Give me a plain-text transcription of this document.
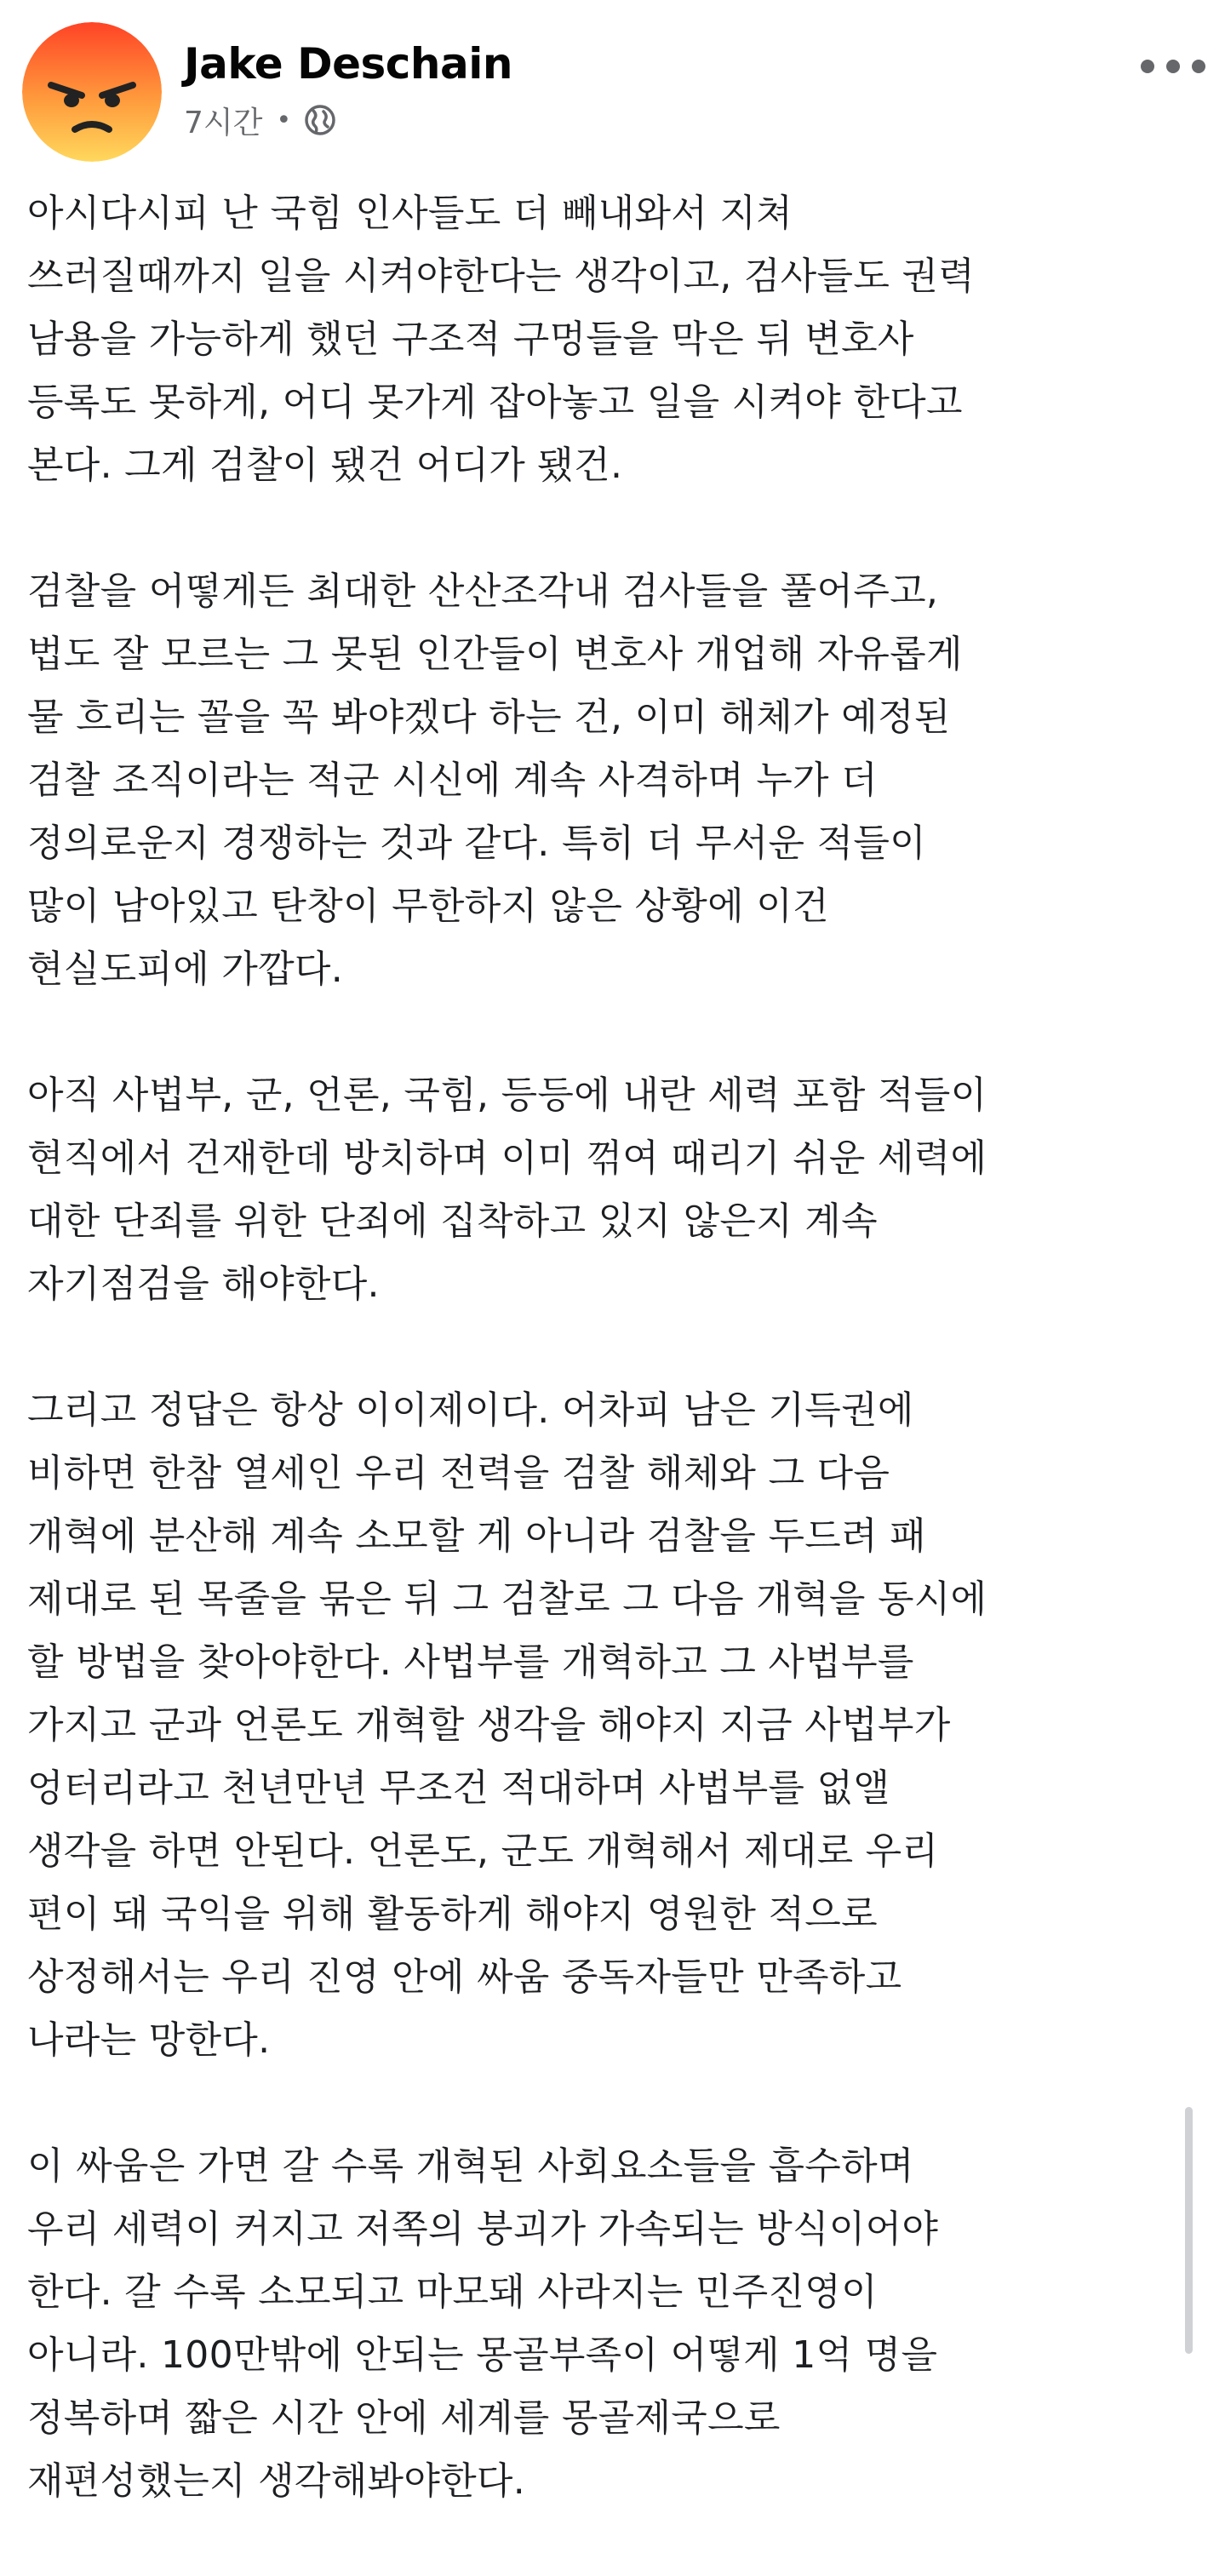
Jake Deschain
7시간 •
아시다시피 난 국힘 인사들도 더 빼내와서 지쳐
쓰러질때까지 일을 시켜야한다는 생각이고, 검사들도 권력
남용을 가능하게 했던 구조적 구멍들을 막은 뒤 변호사
등록도 못하게, 어디 못가게 잡아놓고 일을 시켜야 한다고
본다. 그게 검찰이 됐건 어디가 됐건.
검찰을 어떻게든 최대한 산산조각내 검사들을 풀어주고,
법도 잘 모르는 그 못된 인간들이 변호사 개업해 자유롭게
물 흐리는 꼴을 꼭 봐야겠다 하는 건, 이미 해체가 예정된
검찰 조직이라는 적군 시신에 계속 사격하며 누가 더
정의로운지 경쟁하는 것과 같다. 특히 더 무서운 적들이
많이 남아있고 탄창이 무한하지 않은 상황에 이건
현실도피에 가깝다.
아직 사법부, 군, 언론, 국힘, 등등에 내란 세력 포함 적들이
현직에서 건재한데 방치하며 이미 꺾여 때리기 쉬운 세력에
대한 단죄를 위한 단죄에 집착하고 있지 않은지 계속
자기점검을 해야한다.
그리고 정답은 항상 이이제이다. 어차피 남은 기득권에
비하면 한참 열세인 우리 전력을 검찰 해체와 그 다음
개혁에 분산해 계속 소모할 게 아니라 검찰을 두드려 패
제대로 된 목줄을 묶은 뒤 그 검찰로 그 다음 개혁을 동시에
할 방법을 찾아야한다. 사법부를 개혁하고 그 사법부를
가지고 군과 언론도 개혁할 생각을 해야지 지금 사법부가
엉터리라고 천년만년 무조건 적대하며 사법부를 없앨
생각을 하면 안된다. 언론도, 군도 개혁해서 제대로 우리
편이 돼 국익을 위해 활동하게 해야지 영원한 적으로
상정해서는 우리 진영 안에 싸움 중독자들만 만족하고
나라는 망한다.
이 싸움은 가면 갈 수록 개혁된 사회요소들을 흡수하며
우리 세력이 커지고 저쪽의 붕괴가 가속되는 방식이어야
한다. 갈 수록 소모되고 마모돼 사라지는 민주진영이
아니라. 100만밖에 안되는 몽골부족이 어떻게 1억 명을
정복하며 짧은 시간 안에 세계를 몽골제국으로
재편성했는지 생각해봐야한다.
